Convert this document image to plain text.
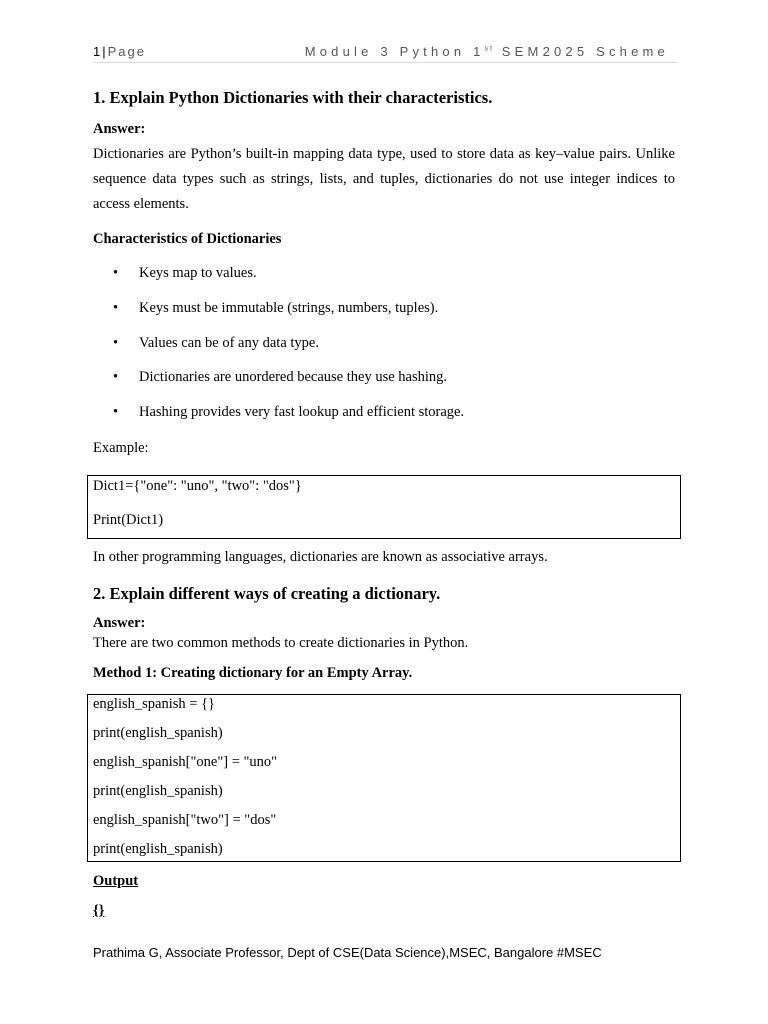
1|Page	Module 3 Python 1st SEM2025 Scheme
1. Explain Python Dictionaries with their characteristics.
Answer:

Dictionaries are Python’s built-in mapping data type, used to store data as key–value pairs. Unlike sequence data types such as strings, lists, and tuples, dictionaries do not use integer indices to access elements.

Characteristics of Dictionaries
• Keys map to values.
• Keys must be immutable (strings, numbers, tuples).
• Values can be of any data type.
• Dictionaries are unordered because they use hashing.
• Hashing provides very fast lookup and efficient storage.
Example:
Dict1={"one": "uno", "two": "dos"}
Print(Dict1)
In other programming languages, dictionaries are known as associative arrays.
2. Explain different ways of creating a dictionary.
Answer:
There are two common methods to create dictionaries in Python.
Method 1: Creating dictionary for an Empty Array.
english_spanish = {}
print(english_spanish)
english_spanish["one"] = "uno"
print(english_spanish)
english_spanish["two"] = "dos"
print(english_spanish)
Output
{}

Prathima G, Associate Professor, Dept of CSE(Data Science),MSEC, Bangalore #MSEC
